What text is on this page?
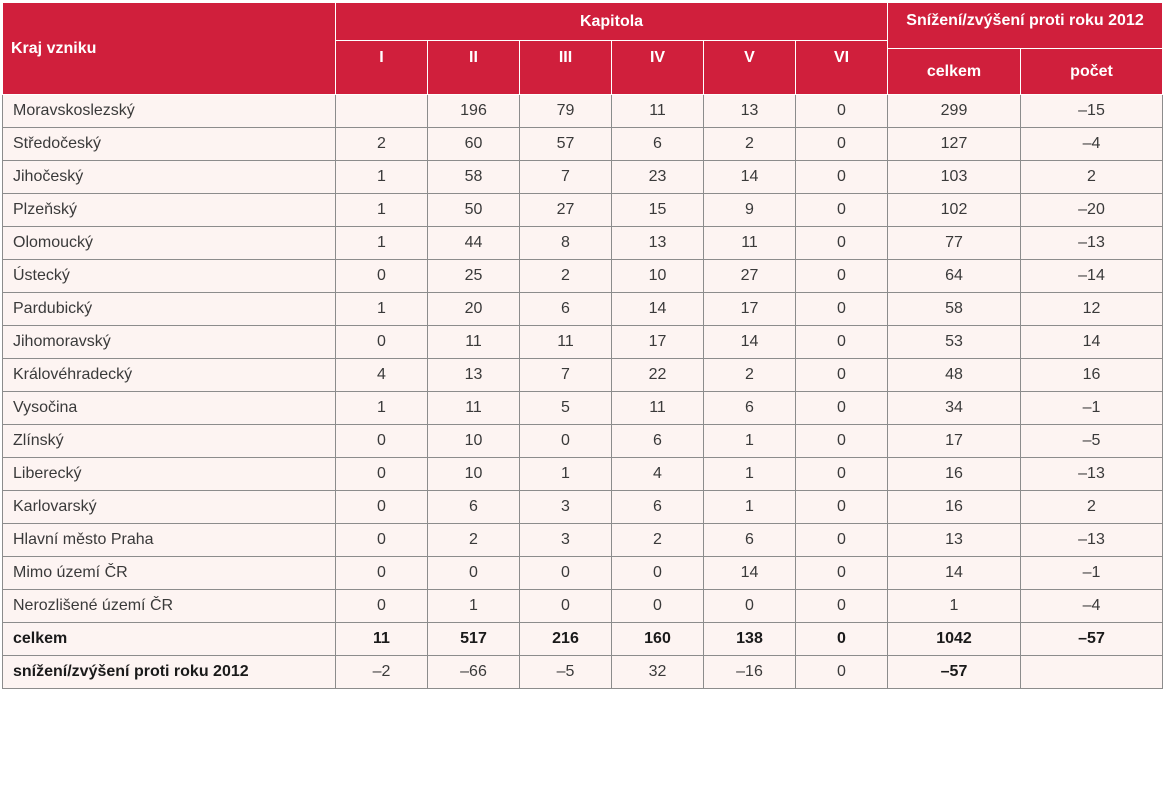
Kraj vzniku	Kapitola						Snížení/zvýšení proti roku 2012	
	I	II	III	IV	V	VI		
							celkem	počet
Moravskoslezský		196	79	11	13	0	299	–15
Středočeský	2	60	57	6	2	0	127	–4
Jihočeský	1	58	7	23	14	0	103	2
Plzeňský	1	50	27	15	9	0	102	–20
Olomoucký	1	44	8	13	11	0	77	–13
Ústecký	0	25	2	10	27	0	64	–14
Pardubický	1	20	6	14	17	0	58	12
Jihomoravský	0	11	11	17	14	0	53	14
Královéhradecký	4	13	7	22	2	0	48	16
Vysočina	1	11	5	11	6	0	34	–1
Zlínský	0	10	0	6	1	0	17	–5
Liberecký	0	10	1	4	1	0	16	–13
Karlovarský	0	6	3	6	1	0	16	2
Hlavní město Praha	0	2	3	2	6	0	13	–13
Mimo území ČR	0	0	0	0	14	0	14	–1
Nerozlišené území ČR	0	1	0	0	0	0	1	–4
celkem	11	517	216	160	138	0	1042	–57
snížení/zvýšení proti roku 2012	–2	–66	–5	32	–16	0	–57	
